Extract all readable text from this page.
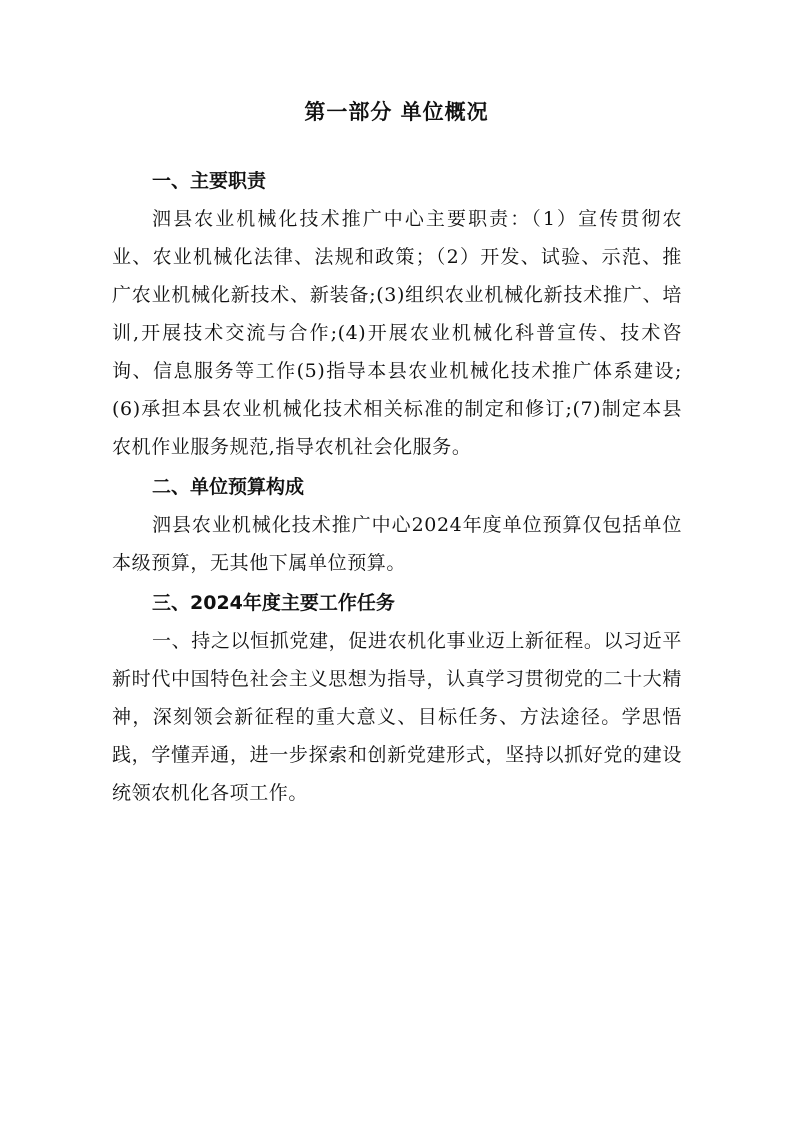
第一部分 单位概况
一、主要职责

泗县农业机械化技术推广中心主要职责：（1）宣传贯彻农业、农业机械化法律、法规和政策；（2）开发、试验、示范、推广农业机械化新技术、新装备;(3)组织农业机械化新技术推广、培训,开展技术交流与合作;(4)开展农业机械化科普宣传、技术咨询、信息服务等工作(5)指导本县农业机械化技术推广体系建设;(6)承担本县农业机械化技术相关标准的制定和修订;(7)制定本县农机作业服务规范,指导农机社会化服务。

二、单位预算构成

泗县农业机械化技术推广中心2024年度单位预算仅包括单位本级预算，无其他下属单位预算。

三、2024年度主要工作任务

一、持之以恒抓党建，促进农机化事业迈上新征程。以习近平新时代中国特色社会主义思想为指导，认真学习贯彻党的二十大精神，深刻领会新征程的重大意义、目标任务、方法途径。学思悟践，学懂弄通，进一步探索和创新党建形式，坚持以抓好党的建设统领农机化各项工作。
